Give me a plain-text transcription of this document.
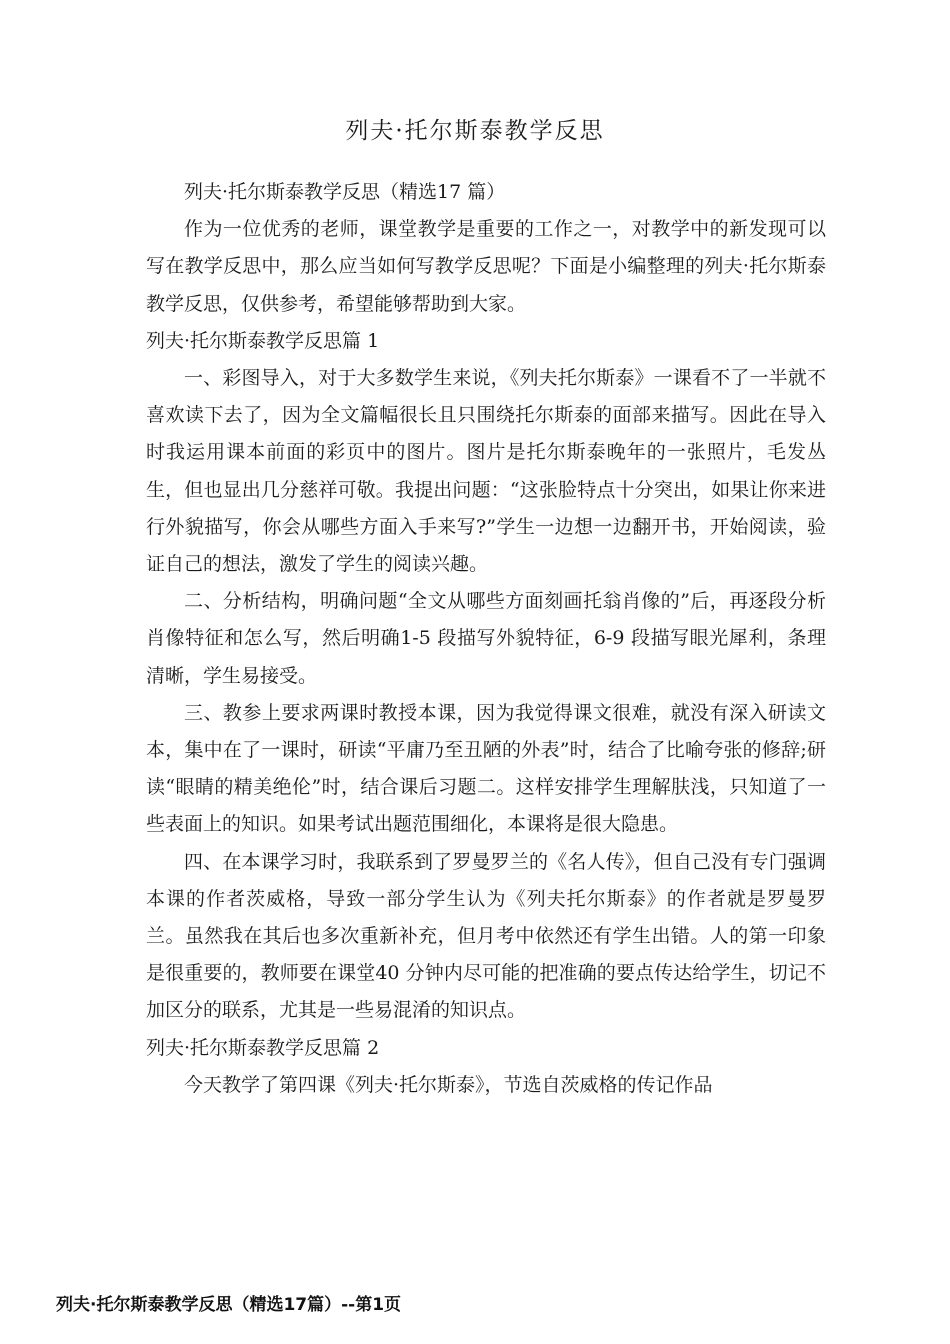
列夫·托尔斯泰教学反思

列夫·托尔斯泰教学反思（精选17 篇）

作为一位优秀的老师，课堂教学是重要的工作之一，对教学中的新发现可以写在教学反思中，那么应当如何写教学反思呢？下面是小编整理的列夫·托尔斯泰教学反思，仅供参考，希望能够帮助到大家。

列夫·托尔斯泰教学反思篇 1

一、彩图导入，对于大多数学生来说，《列夫托尔斯泰》一课看不了一半就不喜欢读下去了，因为全文篇幅很长且只围绕托尔斯泰的面部来描写。因此在导入时我运用课本前面的彩页中的图片。图片是托尔斯泰晚年的一张照片，毛发丛生，但也显出几分慈祥可敬。我提出问题：“这张脸特点十分突出，如果让你来进行外貌描写，你会从哪些方面入手来写?”学生一边想一边翻开书，开始阅读，验证自己的想法，激发了学生的阅读兴趣。

二、分析结构，明确问题“全文从哪些方面刻画托翁肖像的”后，再逐段分析肖像特征和怎么写，然后明确1-5 段描写外貌特征，6-9 段描写眼光犀利，条理清晰，学生易接受。

三、教参上要求两课时教授本课，因为我觉得课文很难，就没有深入研读文本，集中在了一课时，研读“平庸乃至丑陋的外表”时，结合了比喻夸张的修辞;研读“眼睛的精美绝伦”时，结合课后习题二。这样安排学生理解肤浅，只知道了一些表面上的知识。如果考试出题范围细化，本课将是很大隐患。

四、在本课学习时，我联系到了罗曼罗兰的《名人传》，但自己没有专门强调本课的作者茨威格，导致一部分学生认为《列夫托尔斯泰》的作者就是罗曼罗兰。虽然我在其后也多次重新补充，但月考中依然还有学生出错。人的第一印象是很重要的，教师要在课堂40 分钟内尽可能的把准确的要点传达给学生，切记不加区分的联系，尤其是一些易混淆的知识点。

列夫·托尔斯泰教学反思篇 2

今天教学了第四课《列夫·托尔斯泰》，节选自茨威格的传记作品

列夫·托尔斯泰教学反思（精选17篇）--第1页
